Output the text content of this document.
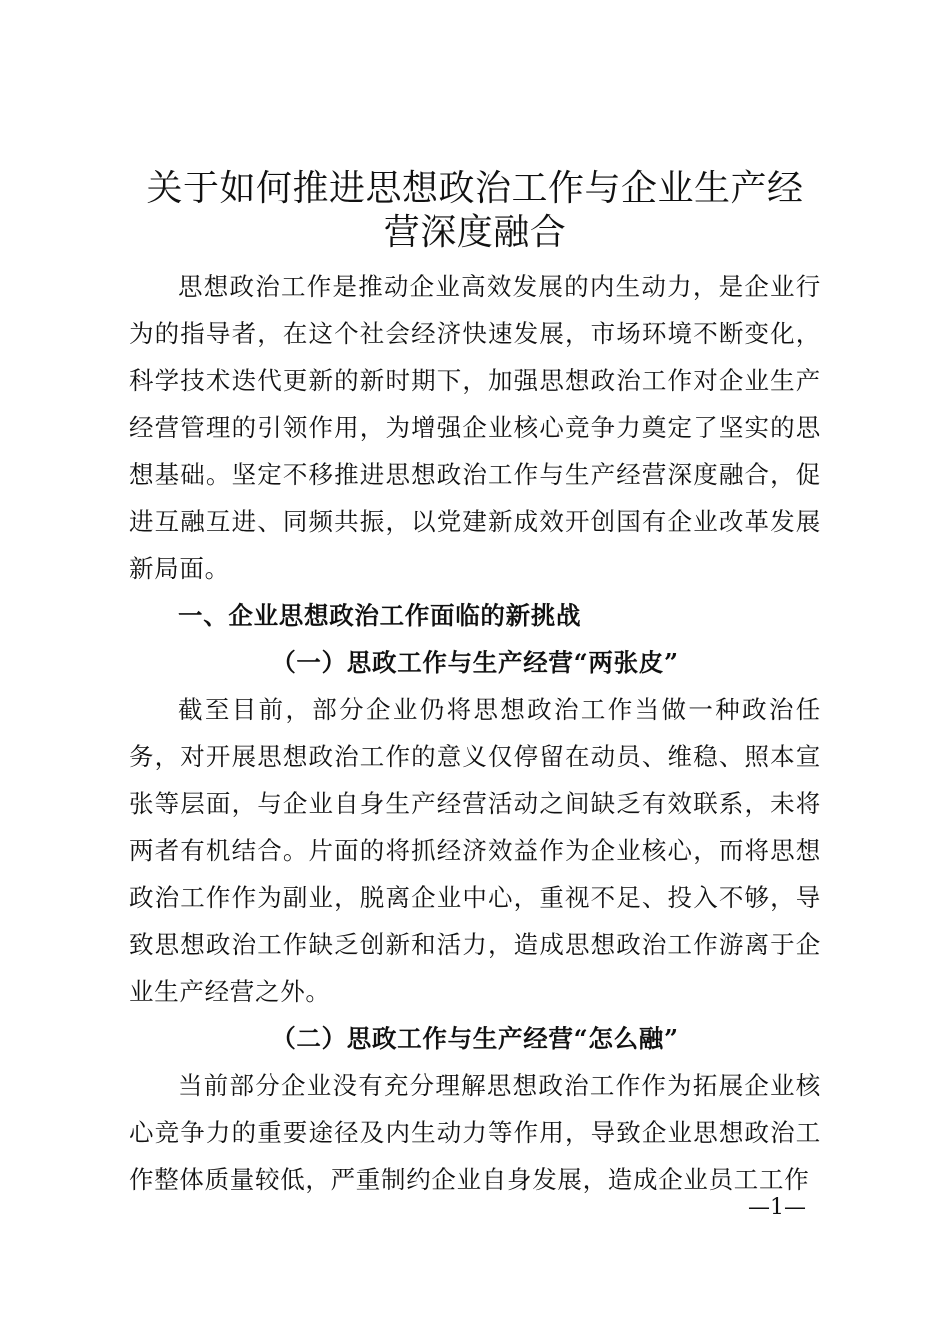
关于如何推进思想政治工作与企业生产经营深度融合

思想政治工作是推动企业高效发展的内生动力，是企业行为的指导者，在这个社会经济快速发展，市场环境不断变化，科学技术迭代更新的新时期下，加强思想政治工作对企业生产经营管理的引领作用，为增强企业核心竞争力奠定了坚实的思想基础。坚定不移推进思想政治工作与生产经营深度融合，促进互融互进、同频共振，以党建新成效开创国有企业改革发展新局面。

一、企业思想政治工作面临的新挑战
（一）思政工作与生产经营“两张皮”

截至目前，部分企业仍将思想政治工作当做一种政治任务，对开展思想政治工作的意义仅停留在动员、维稳、照本宣张等层面，与企业自身生产经营活动之间缺乏有效联系，未将两者有机结合。片面的将抓经济效益作为企业核心，而将思想政治工作作为副业，脱离企业中心，重视不足、投入不够，导致思想政治工作缺乏创新和活力，造成思想政治工作游离于企业生产经营之外。

（二）思政工作与生产经营“怎么融”

当前部分企业没有充分理解思想政治工作作为拓展企业核心竞争力的重要途径及内生动力等作用，导致企业思想政治工作整体质量较低，严重制约企业自身发展，造成企业员工工作

—1—
